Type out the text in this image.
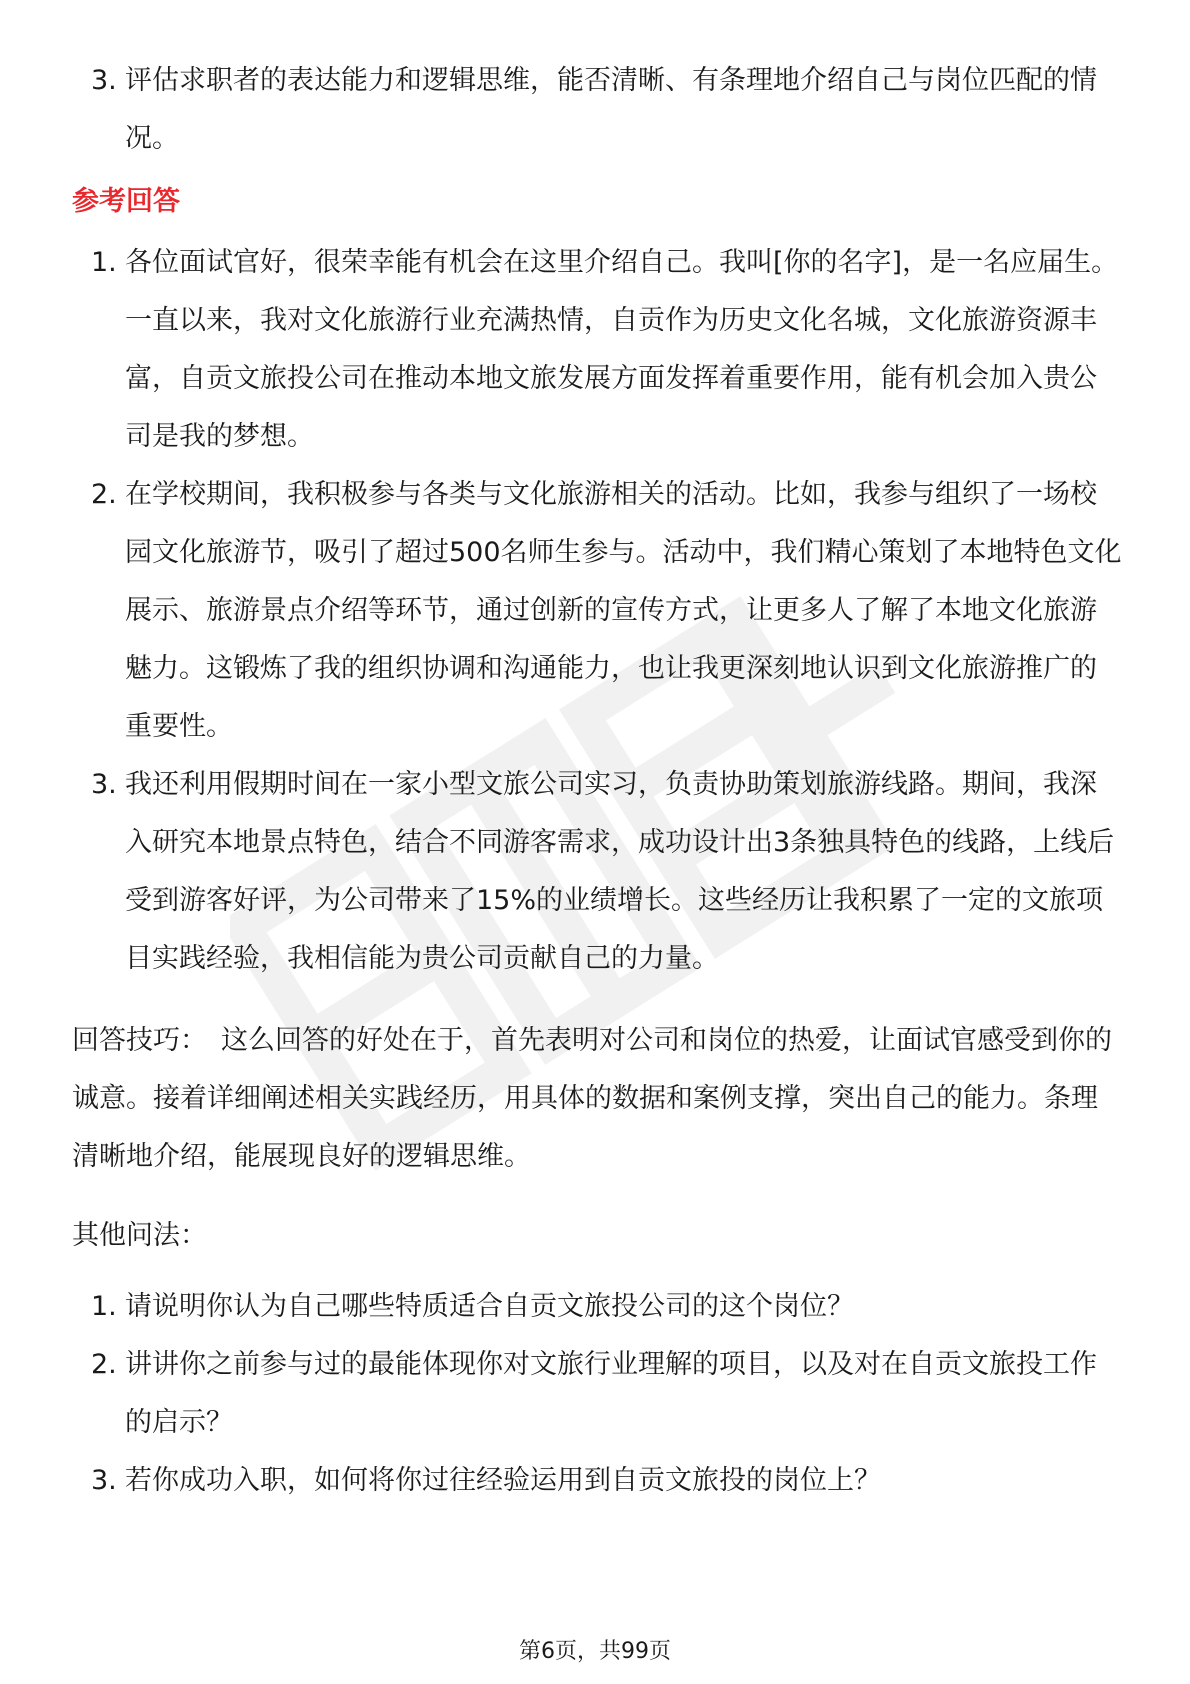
3. 评估求职者的表达能力和逻辑思维，能否清晰、有条理地介绍自己与岗位匹配的情况。
参考回答
1. 各位面试官好，很荣幸能有机会在这里介绍自己。我叫[你的名字]，是一名应届生。一直以来，我对文化旅游行业充满热情，自贡作为历史文化名城，文化旅游资源丰富，自贡文旅投公司在推动本地文旅发展方面发挥着重要作用，能有机会加入贵公司是我的梦想。
2. 在学校期间，我积极参与各类与文化旅游相关的活动。比如，我参与组织了一场校园文化旅游节，吸引了超过500名师生参与。活动中，我们精心策划了本地特色文化展示、旅游景点介绍等环节，通过创新的宣传方式，让更多人了解了本地文化旅游魅力。这锻炼了我的组织协调和沟通能力，也让我更深刻地认识到文化旅游推广的重要性。
3. 我还利用假期时间在一家小型文旅公司实习，负责协助策划旅游线路。期间，我深入研究本地景点特色，结合不同游客需求，成功设计出3条独具特色的线路，上线后受到游客好评，为公司带来了15%的业绩增长。这些经历让我积累了一定的文旅项目实践经验，我相信能为贵公司贡献自己的力量。
回答技巧： 这么回答的好处在于，首先表明对公司和岗位的热爱，让面试官感受到你的诚意。接着详细阐述相关实践经历，用具体的数据和案例支撑，突出自己的能力。条理清晰地介绍，能展现良好的逻辑思维。
其他问法：
1. 请说明你认为自己哪些特质适合自贡文旅投公司的这个岗位？
2. 讲讲你之前参与过的最能体现你对文旅行业理解的项目，以及对在自贡文旅投工作的启示？
3. 若你成功入职，如何将你过往经验运用到自贡文旅投的岗位上？
第6页，共99页
